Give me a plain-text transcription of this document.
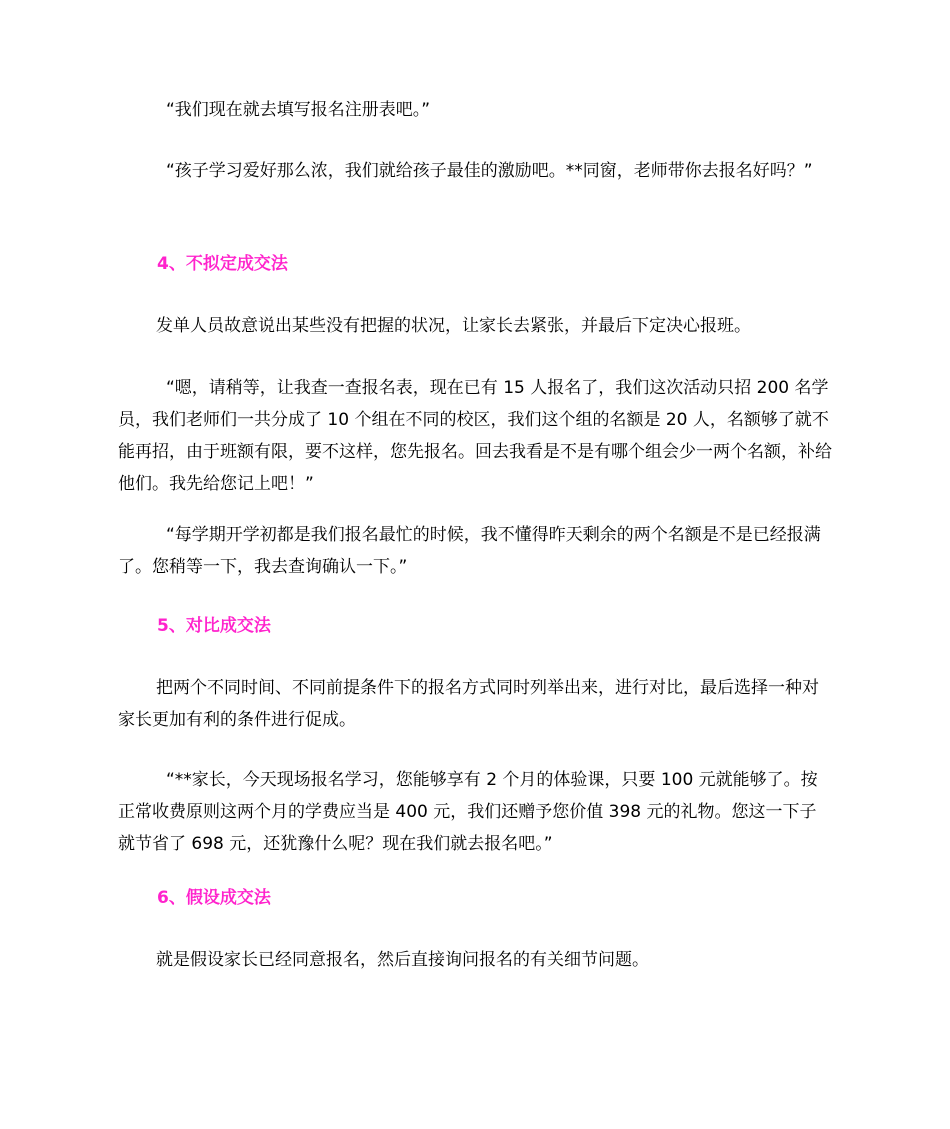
“我们现在就去填写报名注册表吧。”
“孩子学习爱好那么浓，我们就给孩子最佳的激励吧。**同窗，老师带你去报名好吗？”
4、不拟定成交法
发单人员故意说出某些没有把握的状况，让家长去紧张，并最后下定决心报班。
“嗯，请稍等，让我查一查报名表，现在已有 15 人报名了，我们这次活动只招 200 名学员，我们老师们一共分成了 10 个组在不同的校区，我们这个组的名额是 20 人，名额够了就不能再招，由于班额有限，要不这样，您先报名。回去我看是不是有哪个组会少一两个名额，补给他们。我先给您记上吧！”
“每学期开学初都是我们报名最忙的时候，我不懂得昨天剩余的两个名额是不是已经报满了。您稍等一下，我去查询确认一下。”
5、对比成交法
把两个不同时间、不同前提条件下的报名方式同时列举出来，进行对比，最后选择一种对家长更加有利的条件进行促成。
“**家长，今天现场报名学习，您能够享有 2 个月的体验课，只要 100 元就能够了。按正常收费原则这两个月的学费应当是 400 元，我们还赠予您价值 398 元的礼物。您这一下子就节省了 698 元，还犹豫什么呢？现在我们就去报名吧。”
6、假设成交法
就是假设家长已经同意报名，然后直接询问报名的有关细节问题。
